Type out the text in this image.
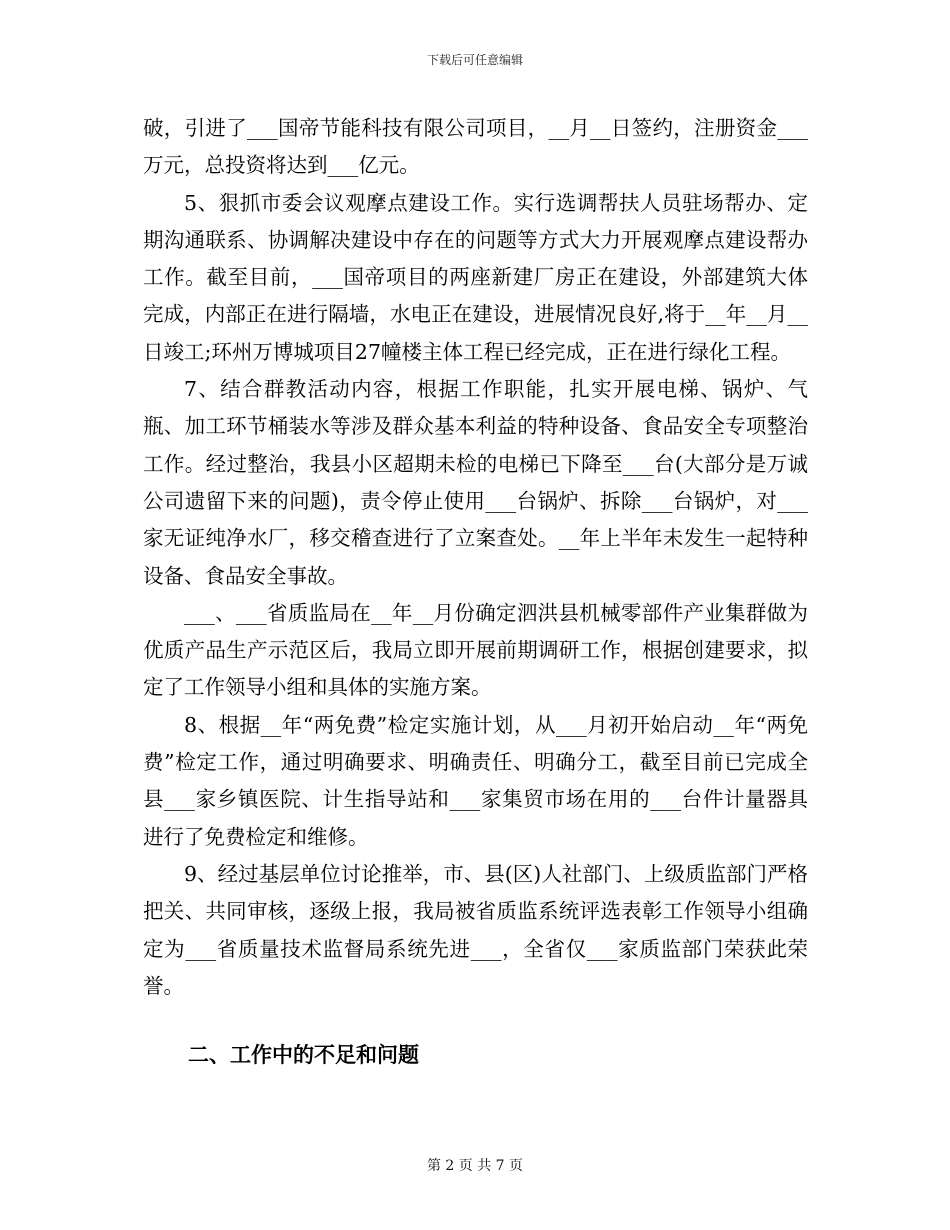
下载后可任意编辑

破，引进了___国帝节能科技有限公司项目，__月__日签约，注册资金___万元，总投资将达到___亿元。

5、狠抓市委会议观摩点建设工作。实行选调帮扶人员驻场帮办、定期沟通联系、协调解决建设中存在的问题等方式大力开展观摩点建设帮办工作。截至目前，___国帝项目的两座新建厂房正在建设，外部建筑大体完成，内部正在进行隔墙，水电正在建设，进展情况良好,将于__年__月__日竣工;环州万博城项目27幢楼主体工程已经完成，正在进行绿化工程。

7、结合群教活动内容，根据工作职能，扎实开展电梯、锅炉、气瓶、加工环节桶装水等涉及群众基本利益的特种设备、食品安全专项整治工作。经过整治，我县小区超期未检的电梯已下降至___台(大部分是万诚公司遗留下来的问题)，责令停止使用___台锅炉、拆除___台锅炉，对___家无证纯净水厂，移交稽查进行了立案查处。__年上半年未发生一起特种设备、食品安全事故。

___、___省质监局在__年__月份确定泗洪县机械零部件产业集群做为优质产品生产示范区后，我局立即开展前期调研工作，根据创建要求，拟定了工作领导小组和具体的实施方案。

8、根据__年“两免费”检定实施计划，从___月初开始启动__年“两免费”检定工作，通过明确要求、明确责任、明确分工，截至目前已完成全县___家乡镇医院、计生指导站和___家集贸市场在用的___台件计量器具进行了免费检定和维修。

9、经过基层单位讨论推举，市、县(区)人社部门、上级质监部门严格把关、共同审核，逐级上报，我局被省质监系统评选表彰工作领导小组确定为___省质量技术监督局系统先进___，全省仅___家质监部门荣获此荣誉。

二、工作中的不足和问题
第 2 页 共 7 页
